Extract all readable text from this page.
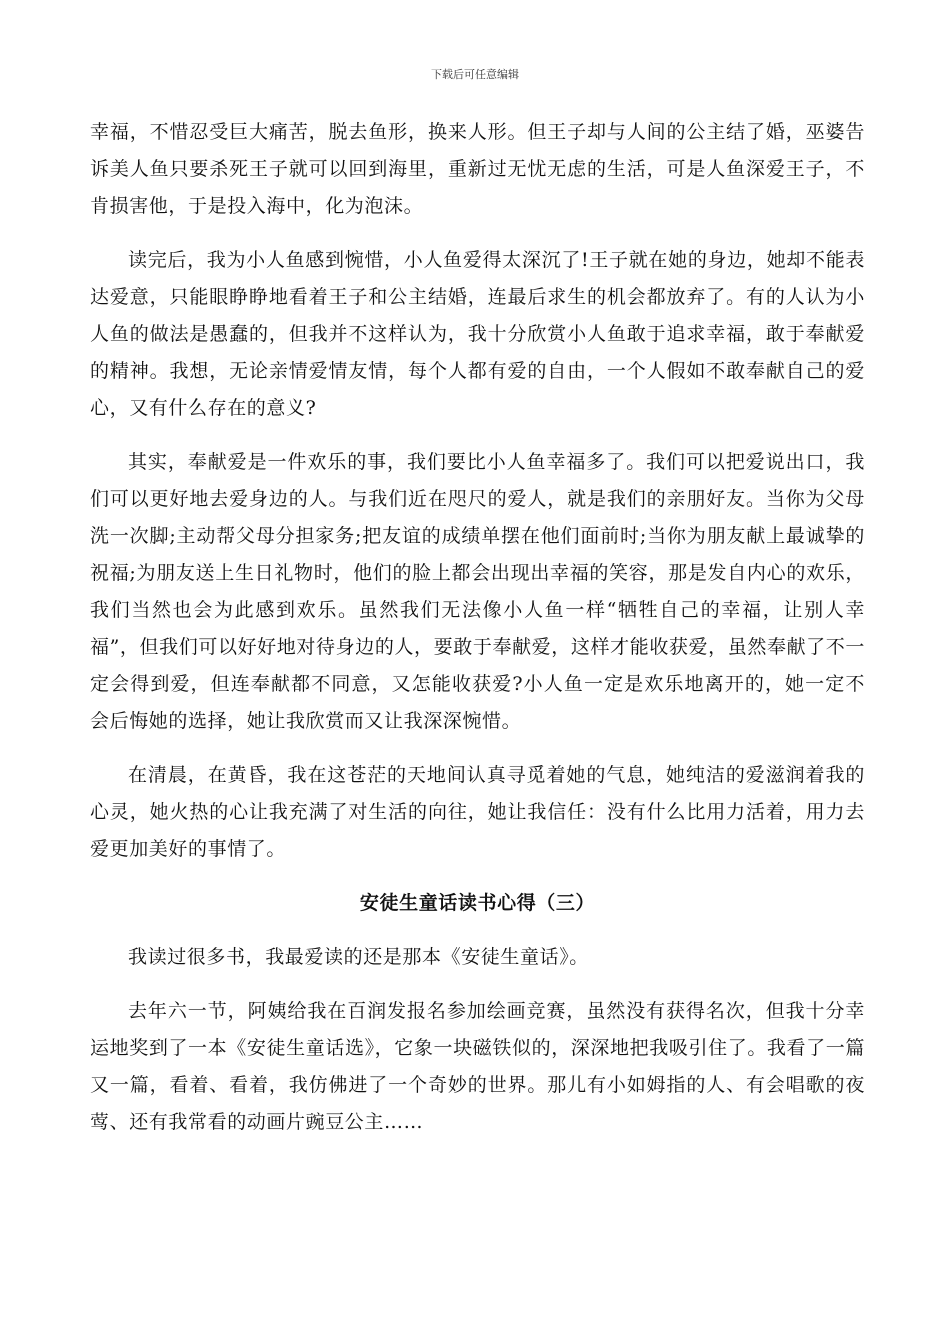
下载后可任意编辑

幸福，不惜忍受巨大痛苦，脱去鱼形，换来人形。但王子却与人间的公主结了婚，巫婆告诉美人鱼只要杀死王子就可以回到海里，重新过无忧无虑的生活，可是人鱼深爱王子，不肯损害他，于是投入海中，化为泡沫。

读完后，我为小人鱼感到惋惜，小人鱼爱得太深沉了!王子就在她的身边，她却不能表达爱意，只能眼睁睁地看着王子和公主结婚，连最后求生的机会都放弃了。有的人认为小人鱼的做法是愚蠢的，但我并不这样认为，我十分欣赏小人鱼敢于追求幸福，敢于奉献爱的精神。我想，无论亲情爱情友情，每个人都有爱的自由，一个人假如不敢奉献自己的爱心，又有什么存在的意义?

其实，奉献爱是一件欢乐的事，我们要比小人鱼幸福多了。我们可以把爱说出口，我们可以更好地去爱身边的人。与我们近在咫尺的爱人，就是我们的亲朋好友。当你为父母洗一次脚;主动帮父母分担家务;把友谊的成绩单摆在他们面前时;当你为朋友献上最诚挚的祝福;为朋友送上生日礼物时，他们的脸上都会出现出幸福的笑容，那是发自内心的欢乐，我们当然也会为此感到欢乐。虽然我们无法像小人鱼一样“牺牲自己的幸福，让别人幸福”，但我们可以好好地对待身边的人，要敢于奉献爱，这样才能收获爱，虽然奉献了不一定会得到爱，但连奉献都不同意，又怎能收获爱?小人鱼一定是欢乐地离开的，她一定不会后悔她的选择，她让我欣赏而又让我深深惋惜。

在清晨，在黄昏，我在这苍茫的天地间认真寻觅着她的气息，她纯洁的爱滋润着我的心灵，她火热的心让我充满了对生活的向往，她让我信任：没有什么比用力活着，用力去爱更加美好的事情了。

安徒生童话读书心得（三）

我读过很多书，我最爱读的还是那本《安徒生童话》。

去年六一节，阿姨给我在百润发报名参加绘画竞赛，虽然没有获得名次，但我十分幸运地奖到了一本《安徒生童话选》，它象一块磁铁似的，深深地把我吸引住了。我看了一篇又一篇，看着、看着，我仿佛进了一个奇妙的世界。那儿有小如姆指的人、有会唱歌的夜莺、还有我常看的动画片豌豆公主……
